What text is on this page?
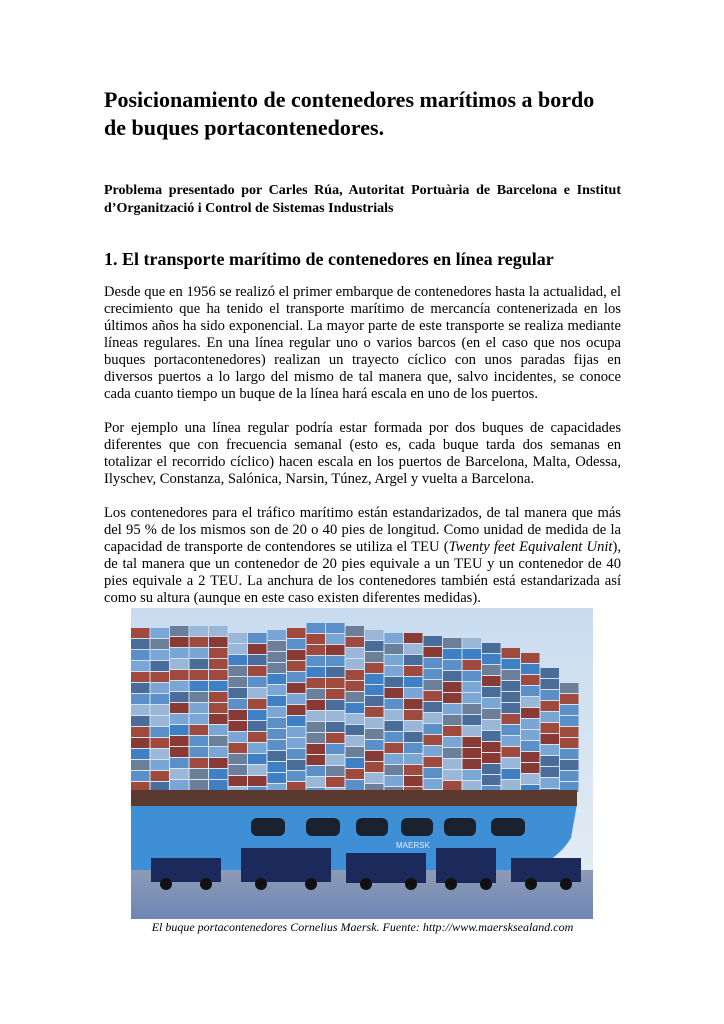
Posicionamiento de contenedores marítimos a bordo de buques portacontenedores.

Problema presentado por Carles Rúa, Autoritat Portuària de Barcelona e Institut d’Organització i Control de Sistemas Industrials

1. El transporte marítimo de contenedores en línea regular

Desde que en 1956 se realizó el primer embarque de contenedores hasta la actualidad, el crecimiento que ha tenido el transporte marítimo de mercancía contenerizada en los últimos años ha sido exponencial. La mayor parte de este transporte se realiza mediante líneas regulares. En una línea regular uno o varios barcos (en el caso que nos ocupa buques portacontenedores) realizan un trayecto cíclico con unos paradas fijas en diversos puertos a lo largo del mismo de tal manera que, salvo incidentes, se conoce cada cuanto tiempo un buque de la línea hará escala en uno de los puertos.

Por ejemplo una línea regular podría estar formada por dos buques de capacidades diferentes que con frecuencia semanal (esto es, cada buque tarda dos semanas en totalizar el recorrido cíclico) hacen escala en los puertos de Barcelona, Malta, Odessa, Ilyschev, Constanza, Salónica, Narsin, Túnez, Argel y vuelta a Barcelona.

Los contenedores para el tráfico marítimo están estandarizados, de tal manera que más del 95 % de los mismos son de 20 o 40 pies de longitud. Como unidad de medida de la capacidad de transporte de contendores se utiliza el TEU (Twenty feet Equivalent Unit), de tal manera que un contenedor de 20 pies equivale a un TEU y un contenedor de 40 pies equivale a 2 TEU. La anchura de los contenedores también está estandarizada así como su altura (aunque en este caso existen diferentes medidas).

MAERSK
El buque portacontenedores Cornelius Maersk. Fuente: http://www.maersksealand.com
